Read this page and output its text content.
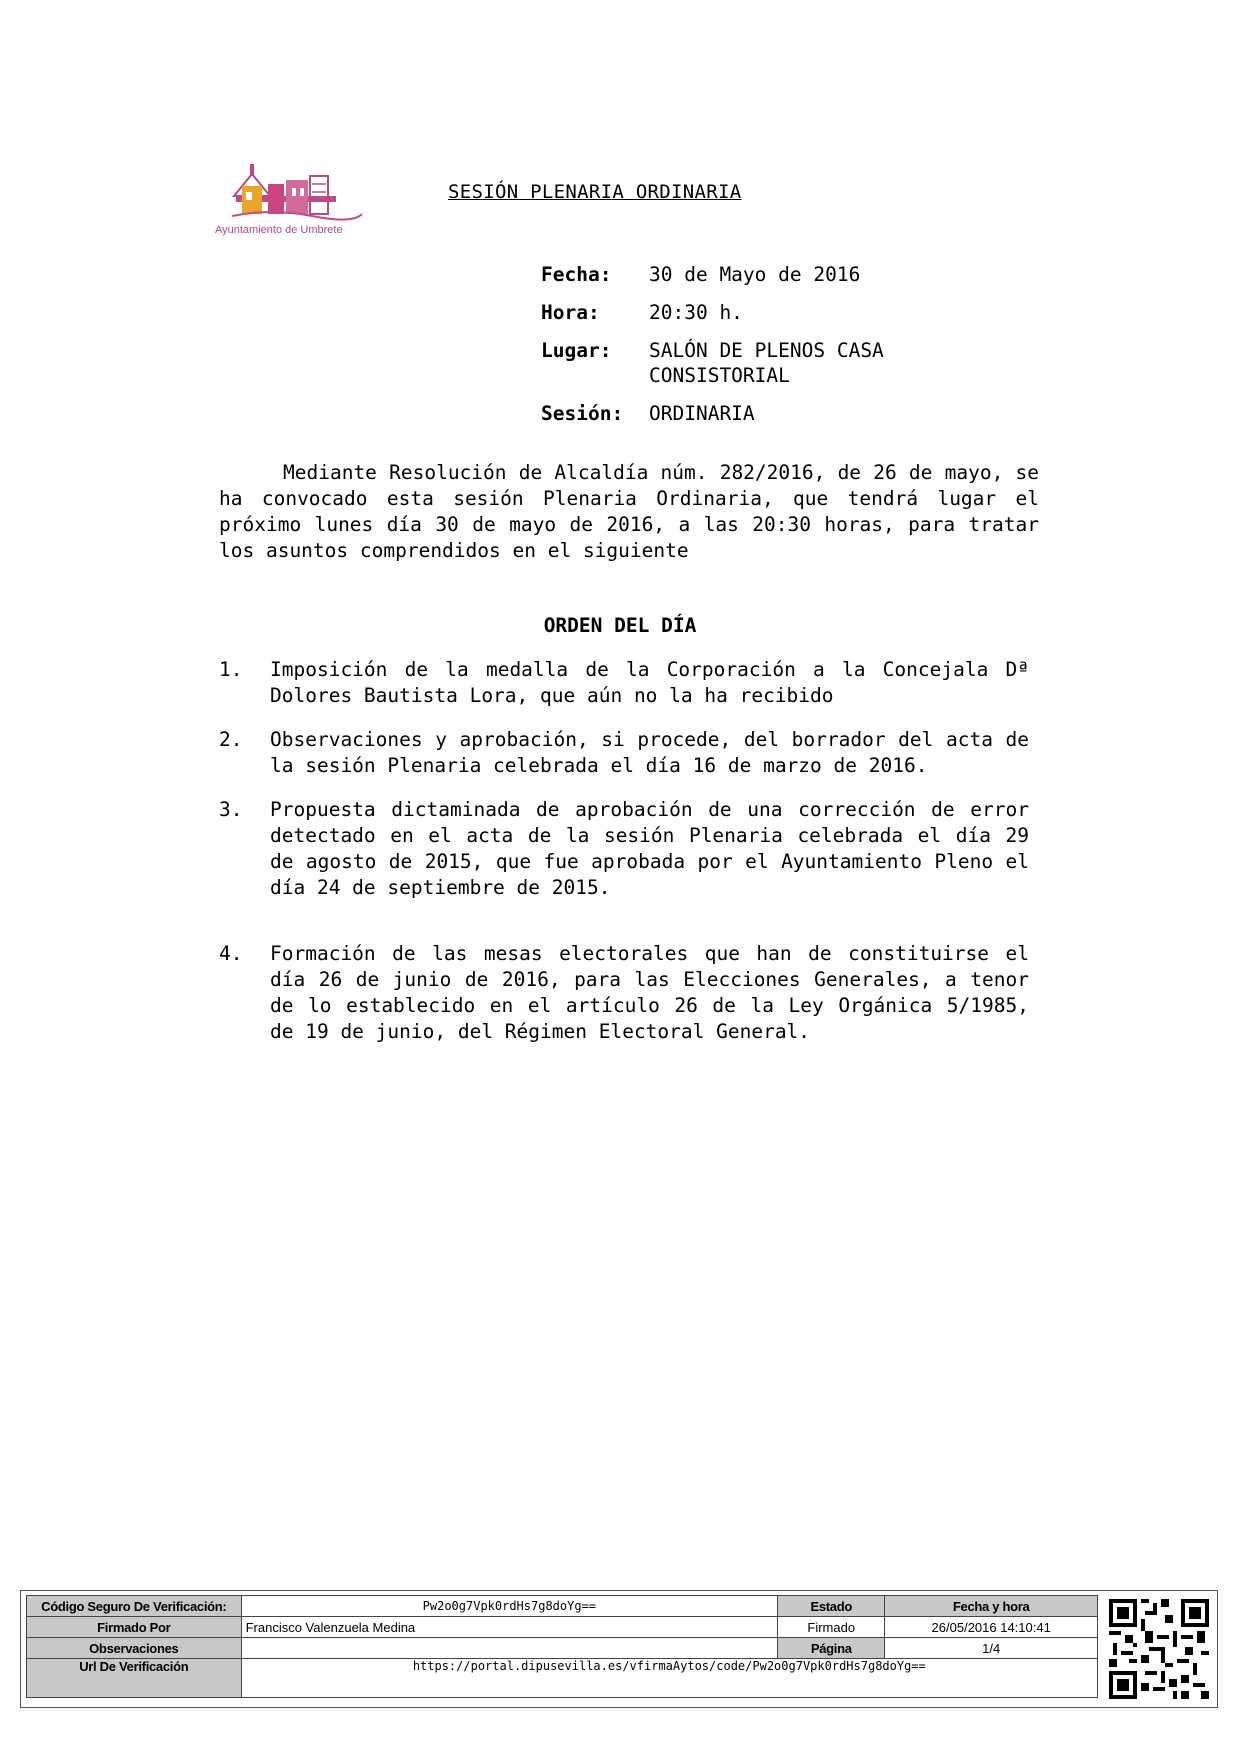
Ayuntamiento de Umbrete
SESIÓN PLENARIA ORDINARIA
Fecha:	30 de Mayo de 2016
Hora:	20:30 h.
Lugar:	SALÓN DE PLENOS CASA CONSISTORIAL
Sesión:	ORDINARIA

Mediante Resolución de Alcaldía núm. 282/2016, de 26 de mayo, se ha convocado esta sesión Plenaria Ordinaria, que tendrá lugar el próximo lunes día 30 de mayo de 2016, a las 20:30 horas, para tratar los asuntos comprendidos en el siguiente

ORDEN DEL DÍA
1.	Imposición de la medalla de la Corporación a la Concejala Dª Dolores Bautista Lora, que aún no la ha recibido
2.	Observaciones y aprobación, si procede, del borrador del acta de la sesión Plenaria celebrada el día 16 de marzo de 2016.
3.	Propuesta dictaminada de aprobación de una corrección de error detectado en el acta de la sesión Plenaria celebrada el día 29 de agosto de 2015, que fue aprobada por el Ayuntamiento Pleno el día 24 de septiembre de 2015.
4.	Formación de las mesas electorales que han de constituirse el día 26 de junio de 2016, para las Elecciones Generales, a tenor de lo establecido en el artículo 26 de la Ley Orgánica 5/1985, de 19 de junio, del Régimen Electoral General.
Código Seguro De Verificación:	Pw2o0g7Vpk0rdHs7g8doYg==	Estado	Fecha y hora
Firmado Por	Francisco Valenzuela Medina	Firmado	26/05/2016 14:10:41
Observaciones		Página	1/4
Url De Verificación	https://portal.dipusevilla.es/vfirmaAytos/code/Pw2o0g7Vpk0rdHs7g8doYg==		
